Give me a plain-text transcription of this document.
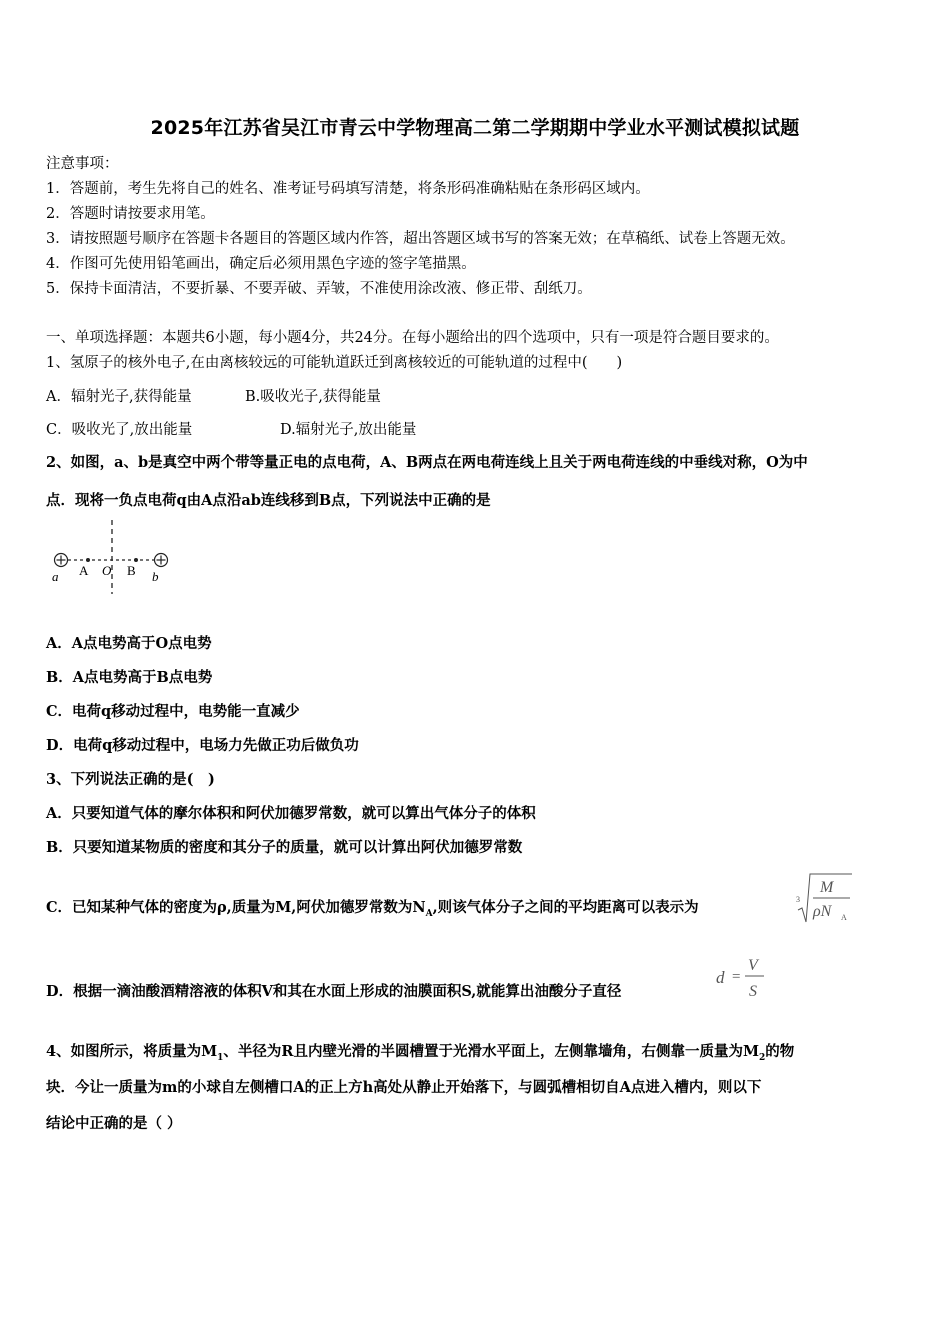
2025年江苏省吴江市青云中学物理高二第二学期期中学业水平测试模拟试题
注意事项：
1．答题前，考生先将自己的姓名、准考证号码填写清楚，将条形码准确粘贴在条形码区域内。
2．答题时请按要求用笔。
3．请按照题号顺序在答题卡各题目的答题区域内作答，超出答题区域书写的答案无效；在草稿纸、试卷上答题无效。
4．作图可先使用铅笔画出，确定后必须用黑色字迹的签字笔描黑。
5．保持卡面清洁，不要折暴、不要弄破、弄皱，不准使用涂改液、修正带、刮纸刀。
一、单项选择题：本题共6小题，每小题4分，共24分。在每小题给出的四个选项中，只有一项是符合题目要求的。
1、氢原子的核外电子,在由离核较远的可能轨道跃迁到离核较近的可能轨道的过程中(　　)
A．辐射光子,获得能量	B.吸收光子,获得能量
C．吸收光了,放出能量	D.辐射光子,放出能量
2、如图，a、b是真空中两个带等量正电的点电荷，A、B两点在两电荷连线上且关于两电荷连线的中垂线对称，O为中
点．现将一负点电荷q由A点沿ab连线移到B点，下列说法中正确的是
a A O B b
A．A点电势高于O点电势
B．A点电势高于B点电势
C．电荷q移动过程中，电势能一直减少
D．电荷q移动过程中，电场力先做正功后做负功
3、下列说法正确的是(　)
A．只要知道气体的摩尔体积和阿伏加德罗常数，就可以算出气体分子的体积
B．只要知道某物质的密度和其分子的质量，就可以计算出阿伏加德罗常数
C．已知某种气体的密度为ρ,质量为M,阿伏加德罗常数为$N_A$,则该气体分子之间的平均距离可以表示为	3
M
ρN A
D．根据一滴油酸酒精溶液的体积V和其在水面上形成的油膜面积S,就能算出油酸分子直径
d =
V
S
4、如图所示，将质量为$M_1$、半径为R且内壁光滑的半圆槽置于光滑水平面上，左侧靠墙角，右侧靠一质量为$M_2$的物
块．今让一质量为m的小球自左侧槽口A的正上方h高处从静止开始落下，与圆弧槽相切自A点进入槽内，则以下
结论中正确的是（ ）
